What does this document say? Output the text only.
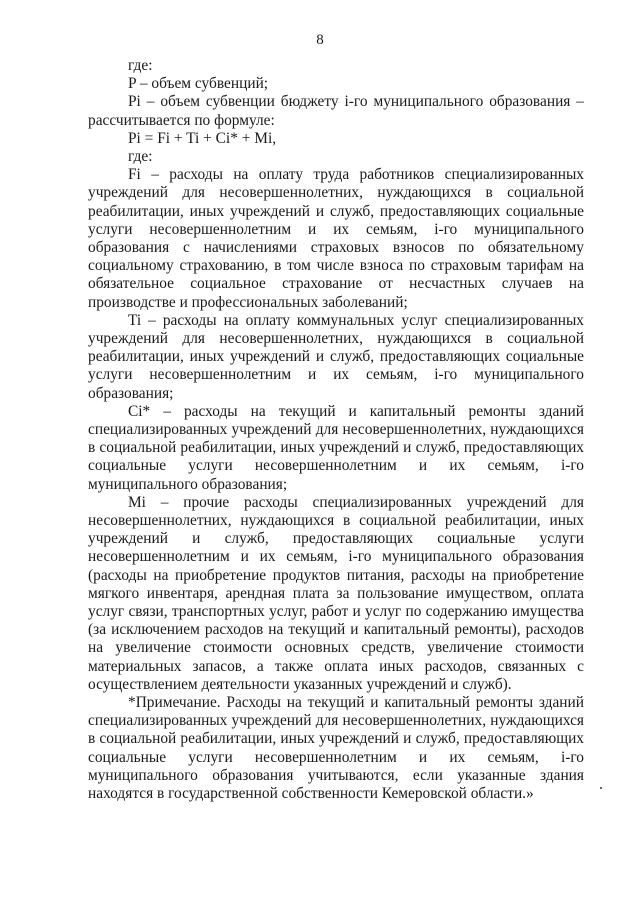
8
где:
P – объем субвенций;

Pi – объем субвенции бюджету i-го муниципального образования – рассчитывается по формуле:

Pi = Fi + Ti + Ci* + Mi,
где:

Fi – расходы на оплату труда работников специализированных учреждений для несовершеннолетних, нуждающихся в социальной реабилитации, иных учреждений и служб, предоставляющих социальные услуги несовершеннолетним и их семьям, i-го муниципального образования с начислениями страховых взносов по обязательному социальному страхованию, в том числе взноса по страховым тарифам на обязательное социальное страхование от несчастных случаев на производстве и профессиональных заболеваний;

Ti – расходы на оплату коммунальных услуг специализированных учреждений для несовершеннолетних, нуждающихся в социальной реабилитации, иных учреждений и служб, предоставляющих социальные услуги несовершеннолетним и их семьям, i-го муниципального образования;

Ci* – расходы на текущий и капитальный ремонты зданий специализированных учреждений для несовершеннолетних, нуждающихся в социальной реабилитации, иных учреждений и служб, предоставляющих социальные услуги несовершеннолетним и их семьям, i-го муниципального образования;

Mi – прочие расходы специализированных учреждений для несовершеннолетних, нуждающихся в социальной реабилитации, иных учреждений и служб, предоставляющих социальные услуги несовершеннолетним и их семьям, i-го муниципального образования (расходы на приобретение продуктов питания, расходы на приобретение мягкого инвентаря, арендная плата за пользование имуществом, оплата услуг связи, транспортных услуг, работ и услуг по содержанию имущества (за исключением расходов на текущий и капитальный ремонты), расходов на увеличение стоимости основных средств, увеличение стоимости материальных запасов, а также оплата иных расходов, связанных с осуществлением деятельности указанных учреждений и служб).

*Примечание. Расходы на текущий и капитальный ремонты зданий специализированных учреждений для несовершеннолетних, нуждающихся в социальной реабилитации, иных учреждений и служб, предоставляющих социальные услуги несовершеннолетним и их семьям, i-го муниципального образования учитываются, если указанные здания находятся в государственной собственности Кемеровской области.»
